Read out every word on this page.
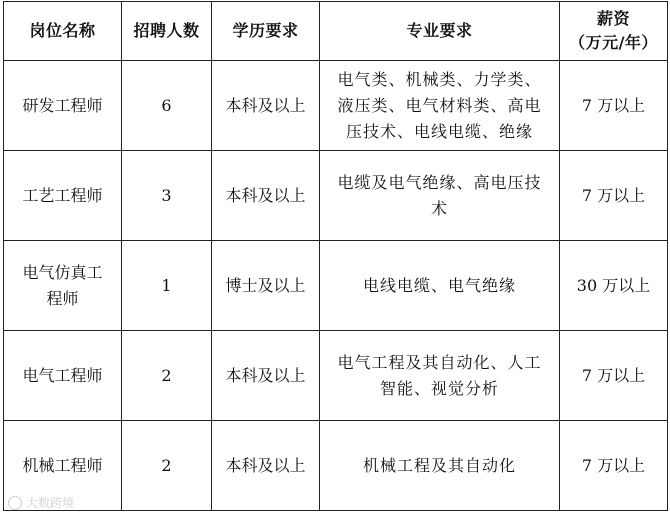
岗位名称	招聘人数	学历要求	专业要求	薪资
（万元/年）

研发工程师	6	本科及以上	电气类、机械类、力学类、
液压类、电气材料类、高电
压技术、电线电缆、绝缘	7 万以上
工艺工程师	3	本科及以上	电缆及电气绝缘、高电压技
术	7 万以上

电气仿真工
程师	1	博士及以上	电线电缆、电气绝缘	30 万以上
电气工程师	2	本科及以上	电气工程及其自动化、人工
智能、视觉分析	7 万以上
机械工程师	2	本科及以上	机械工程及其自动化	7 万以上
大数跨境
